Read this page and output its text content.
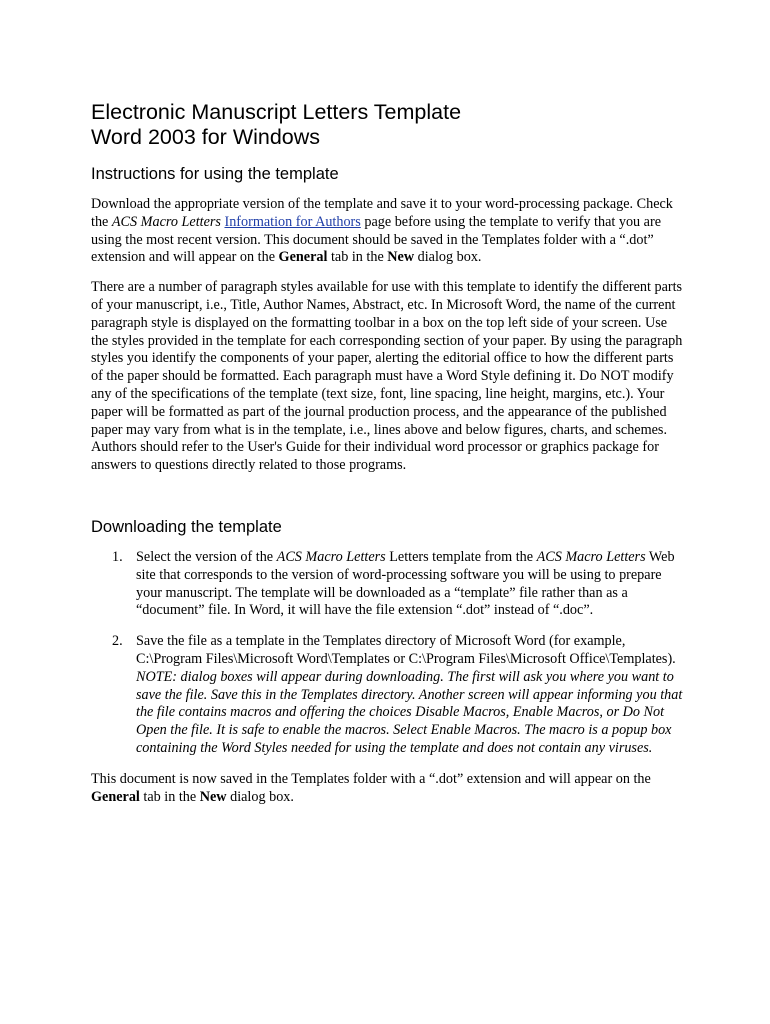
Electronic Manuscript Letters Template
Word 2003 for Windows
Instructions for using the template

Download the appropriate version of the template and save it to your word-processing package. Check the ACS Macro Letters Information for Authors page before using the template to verify that you are using the most recent version. This document should be saved in the Templates folder with a “.dot” extension and will appear on the General tab in the New dialog box.

There are a number of paragraph styles available for use with this template to identify the different parts of your manuscript, i.e., Title, Author Names, Abstract, etc. In Microsoft Word, the name of the current paragraph style is displayed on the formatting toolbar in a box on the top left side of your screen. Use the styles provided in the template for each corresponding section of your paper. By using the paragraph styles you identify the components of your paper, alerting the editorial office to how the different parts of the paper should be formatted. Each paragraph must have a Word Style defining it. Do NOT modify any of the specifications of the template (text size, font, line spacing, line height, margins, etc.). Your paper will be formatted as part of the journal production process, and the appearance of the published paper may vary from what is in the template, i.e., lines above and below figures, charts, and schemes. Authors should refer to the User's Guide for their individual word processor or graphics package for answers to questions directly related to those programs.

Downloading the template
1. Select the version of the ACS Macro Letters Letters template from the ACS Macro Letters Web site that corresponds to the version of word-processing software you will be using to prepare your manuscript. The template will be downloaded as a “template” file rather than as a “document” file. In Word, it will have the file extension “.dot” instead of “.doc”.
2. Save the file as a template in the Templates directory of Microsoft Word (for example, C:\Program Files\Microsoft Word\Templates or C:\Program Files\Microsoft Office\Templates). NOTE: dialog boxes will appear during downloading. The first will ask you where you want to save the file. Save this in the Templates directory. Another screen will appear informing you that the file contains macros and offering the choices Disable Macros, Enable Macros, or Do Not Open the file. It is safe to enable the macros. Select Enable Macros. The macro is a popup box containing the Word Styles needed for using the template and does not contain any viruses.

This document is now saved in the Templates folder with a “.dot” extension and will appear on the General tab in the New dialog box.
